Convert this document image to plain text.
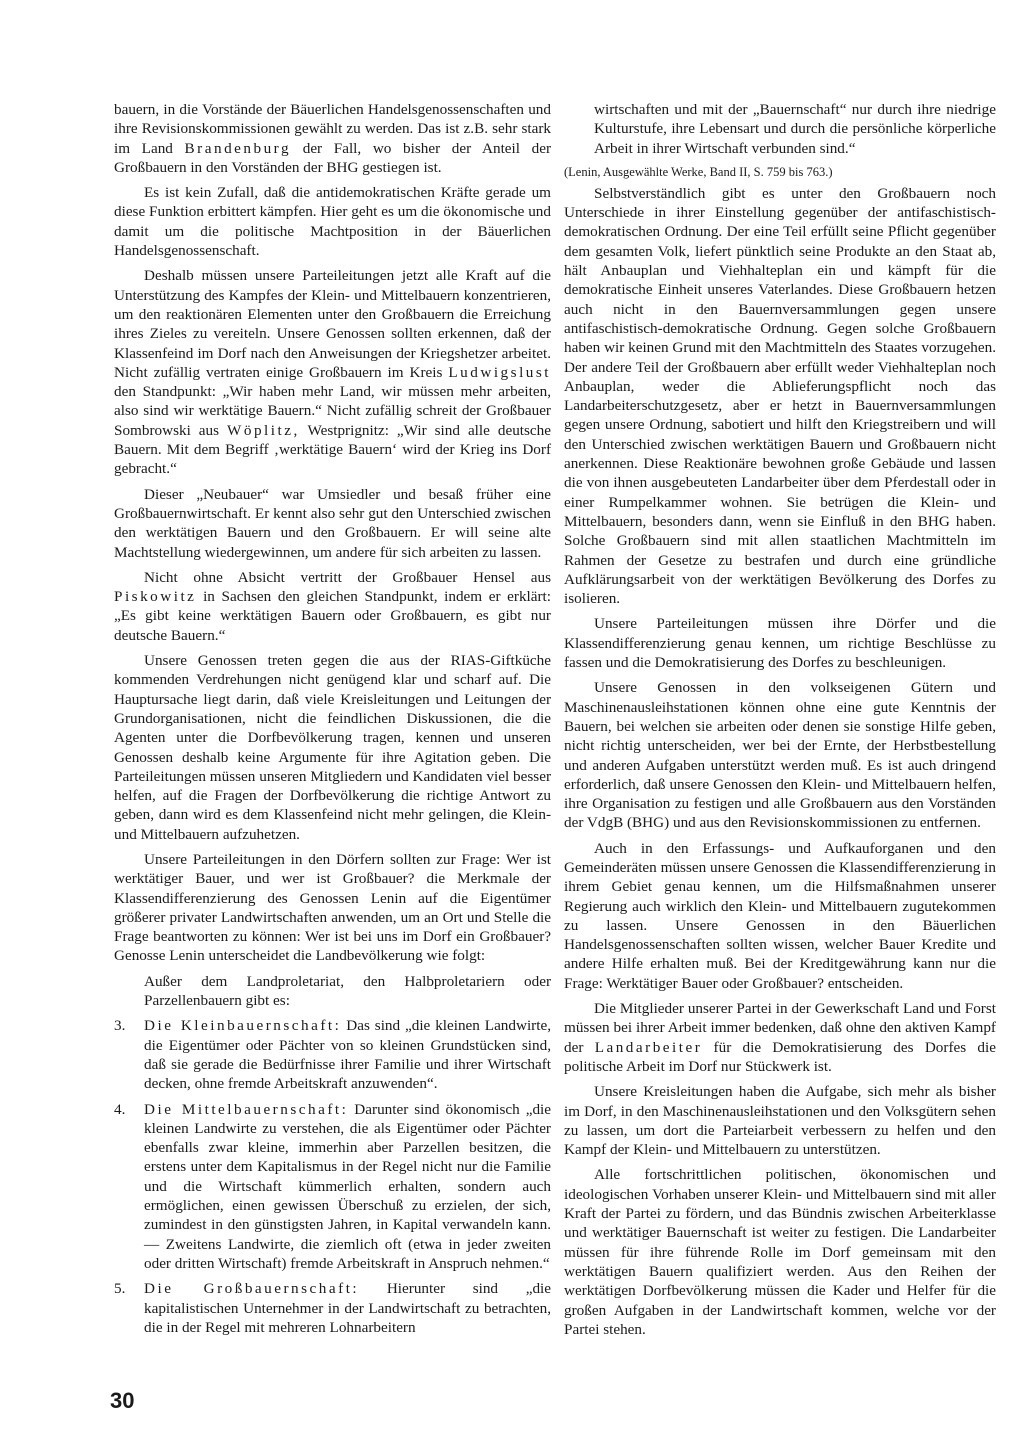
bauern, in die Vorstände der Bäuerlichen Handelsgenossenschaften und ihre Revisionskommissionen gewählt zu werden. Das ist z.B. sehr stark im Land Brandenburg der Fall, wo bisher der Anteil der Großbauern in den Vorständen der BHG gestiegen ist.

Es ist kein Zufall, daß die antidemokratischen Kräfte gerade um diese Funktion erbittert kämpfen. Hier geht es um die ökonomische und damit um die politische Machtposition in der Bäuerlichen Handelsgenossenschaft.

Deshalb müssen unsere Parteileitungen jetzt alle Kraft auf die Unterstützung des Kampfes der Klein- und Mittelbauern konzentrieren, um den reaktionären Elementen unter den Großbauern die Erreichung ihres Zieles zu vereiteln. Unsere Genossen sollten erkennen, daß der Klassenfeind im Dorf nach den Anweisungen der Kriegshetzer arbeitet. Nicht zufällig vertraten einige Großbauern im Kreis Ludwigslust den Standpunkt: „Wir haben mehr Land, wir müssen mehr arbeiten, also sind wir werktätige Bauern.“ Nicht zufällig schreit der Großbauer Sombrowski aus Wöplitz, Westprignitz: „Wir sind alle deutsche Bauern. Mit dem Begriff ‚werktätige Bauern‘ wird der Krieg ins Dorf gebracht.“

Dieser „Neubauer“ war Umsiedler und besaß früher eine Großbauernwirtschaft. Er kennt also sehr gut den Unterschied zwischen den werktätigen Bauern und den Großbauern. Er will seine alte Machtstellung wiedergewinnen, um andere für sich arbeiten zu lassen.

Nicht ohne Absicht vertritt der Großbauer Hensel aus Piskowitz in Sachsen den gleichen Standpunkt, indem er erklärt: „Es gibt keine werktätigen Bauern oder Großbauern, es gibt nur deutsche Bauern.“

Unsere Genossen treten gegen die aus der RIAS-Giftküche kommenden Verdrehungen nicht genügend klar und scharf auf. Die Hauptursache liegt darin, daß viele Kreisleitungen und Leitungen der Grundorganisationen, nicht die feindlichen Diskussionen, die die Agenten unter die Dorfbevölkerung tragen, kennen und unseren Genossen deshalb keine Argumente für ihre Agitation geben. Die Parteileitungen müssen unseren Mitgliedern und Kandidaten viel besser helfen, auf die Fragen der Dorfbevölkerung die richtige Antwort zu geben, dann wird es dem Klassenfeind nicht mehr gelingen, die Klein- und Mittelbauern aufzuhetzen.

Unsere Parteileitungen in den Dörfern sollten zur Frage: Wer ist werktätiger Bauer, und wer ist Großbauer? die Merkmale der Klassendifferenzierung des Genossen Lenin auf die Eigentümer größerer privater Landwirtschaften anwenden, um an Ort und Stelle die Frage beantworten zu können: Wer ist bei uns im Dorf ein Großbauer? Genosse Lenin unterscheidet die Landbevölkerung wie folgt:

Außer dem Landproletariat, den Halbproletariern oder Parzellenbauern gibt es:

3. Die Kleinbauernschaft: Das sind „die kleinen Landwirte, die Eigentümer oder Pächter von so kleinen Grundstücken sind, daß sie gerade die Bedürfnisse ihrer Familie und ihrer Wirtschaft decken, ohne fremde Arbeitskraft anzuwenden“.
4. Die Mittelbauernschaft: Darunter sind ökonomisch „die kleinen Landwirte zu verstehen, die als Eigentümer oder Pächter ebenfalls zwar kleine, immerhin aber Parzellen besitzen, die erstens unter dem Kapitalismus in der Regel nicht nur die Familie und die Wirtschaft kümmerlich erhalten, sondern auch ermöglichen, einen gewissen Überschuß zu erzielen, der sich, zumindest in den günstigsten Jahren, in Kapital verwandeln kann. — Zweitens Landwirte, die ziemlich oft (etwa in jeder zweiten oder dritten Wirtschaft) fremde Arbeitskraft in Anspruch nehmen.“
5. Die Großbauernschaft: Hierunter sind „die kapitalistischen Unternehmer in der Landwirtschaft zu betrachten, die in der Regel mit mehreren Lohnarbeitern

wirtschaften und mit der „Bauernschaft“ nur durch ihre niedrige Kulturstufe, ihre Lebensart und durch die persönliche körperliche Arbeit in ihrer Wirtschaft verbunden sind.“

(Lenin, Ausgewählte Werke, Band II, S. 759 bis 763.)

Selbstverständlich gibt es unter den Großbauern noch Unterschiede in ihrer Einstellung gegenüber der antifaschistisch-demokratischen Ordnung. Der eine Teil erfüllt seine Pflicht gegenüber dem gesamten Volk, liefert pünktlich seine Produkte an den Staat ab, hält Anbauplan und Viehhalteplan ein und kämpft für die demokratische Einheit unseres Vaterlandes. Diese Großbauern hetzen auch nicht in den Bauernversammlungen gegen unsere antifaschistisch-demokratische Ordnung. Gegen solche Großbauern haben wir keinen Grund mit den Machtmitteln des Staates vorzugehen. Der andere Teil der Großbauern aber erfüllt weder Viehhalteplan noch Anbauplan, weder die Ablieferungspflicht noch das Landarbeiterschutzgesetz, aber er hetzt in Bauernversammlungen gegen unsere Ordnung, sabotiert und hilft den Kriegstreibern und will den Unterschied zwischen werktätigen Bauern und Großbauern nicht anerkennen. Diese Reaktionäre bewohnen große Gebäude und lassen die von ihnen ausgebeuteten Landarbeiter über dem Pferdestall oder in einer Rumpelkammer wohnen. Sie betrügen die Klein- und Mittelbauern, besonders dann, wenn sie Einfluß in den BHG haben. Solche Großbauern sind mit allen staatlichen Machtmitteln im Rahmen der Gesetze zu bestrafen und durch eine gründliche Aufklärungsarbeit von der werktätigen Bevölkerung des Dorfes zu isolieren.

Unsere Parteileitungen müssen ihre Dörfer und die Klassendifferenzierung genau kennen, um richtige Beschlüsse zu fassen und die Demokratisierung des Dorfes zu beschleunigen.

Unsere Genossen in den volkseigenen Gütern und Maschinenausleihstationen können ohne eine gute Kenntnis der Bauern, bei welchen sie arbeiten oder denen sie sonstige Hilfe geben, nicht richtig unterscheiden, wer bei der Ernte, der Herbstbestellung und anderen Aufgaben unterstützt werden muß. Es ist auch dringend erforderlich, daß unsere Genossen den Klein- und Mittelbauern helfen, ihre Organisation zu festigen und alle Großbauern aus den Vorständen der VdgB (BHG) und aus den Revisionskommissionen zu entfernen.

Auch in den Erfassungs- und Aufkauforganen und den Gemeinderäten müssen unsere Genossen die Klassendifferenzierung in ihrem Gebiet genau kennen, um die Hilfsmaßnahmen unserer Regierung auch wirklich den Klein- und Mittelbauern zugutekommen zu lassen. Unsere Genossen in den Bäuerlichen Handelsgenossenschaften sollten wissen, welcher Bauer Kredite und andere Hilfe erhalten muß. Bei der Kreditgewährung kann nur die Frage: Werktätiger Bauer oder Großbauer? entscheiden.

Die Mitglieder unserer Partei in der Gewerkschaft Land und Forst müssen bei ihrer Arbeit immer bedenken, daß ohne den aktiven Kampf der Landarbeiter für die Demokratisierung des Dorfes die politische Arbeit im Dorf nur Stückwerk ist.

Unsere Kreisleitungen haben die Aufgabe, sich mehr als bisher im Dorf, in den Maschinenausleihstationen und den Volksgütern sehen zu lassen, um dort die Parteiarbeit verbessern zu helfen und den Kampf der Klein- und Mittelbauern zu unterstützen.

Alle fortschrittlichen politischen, ökonomischen und ideologischen Vorhaben unserer Klein- und Mittelbauern sind mit aller Kraft der Partei zu fördern, und das Bündnis zwischen Arbeiterklasse und werktätiger Bauernschaft ist weiter zu festigen. Die Landarbeiter müssen für ihre führende Rolle im Dorf gemeinsam mit den werktätigen Bauern qualifiziert werden. Aus den Reihen der werktätigen Dorfbevölkerung müssen die Kader und Helfer für die großen Aufgaben in der Landwirtschaft kommen, welche vor der Partei stehen.

30
